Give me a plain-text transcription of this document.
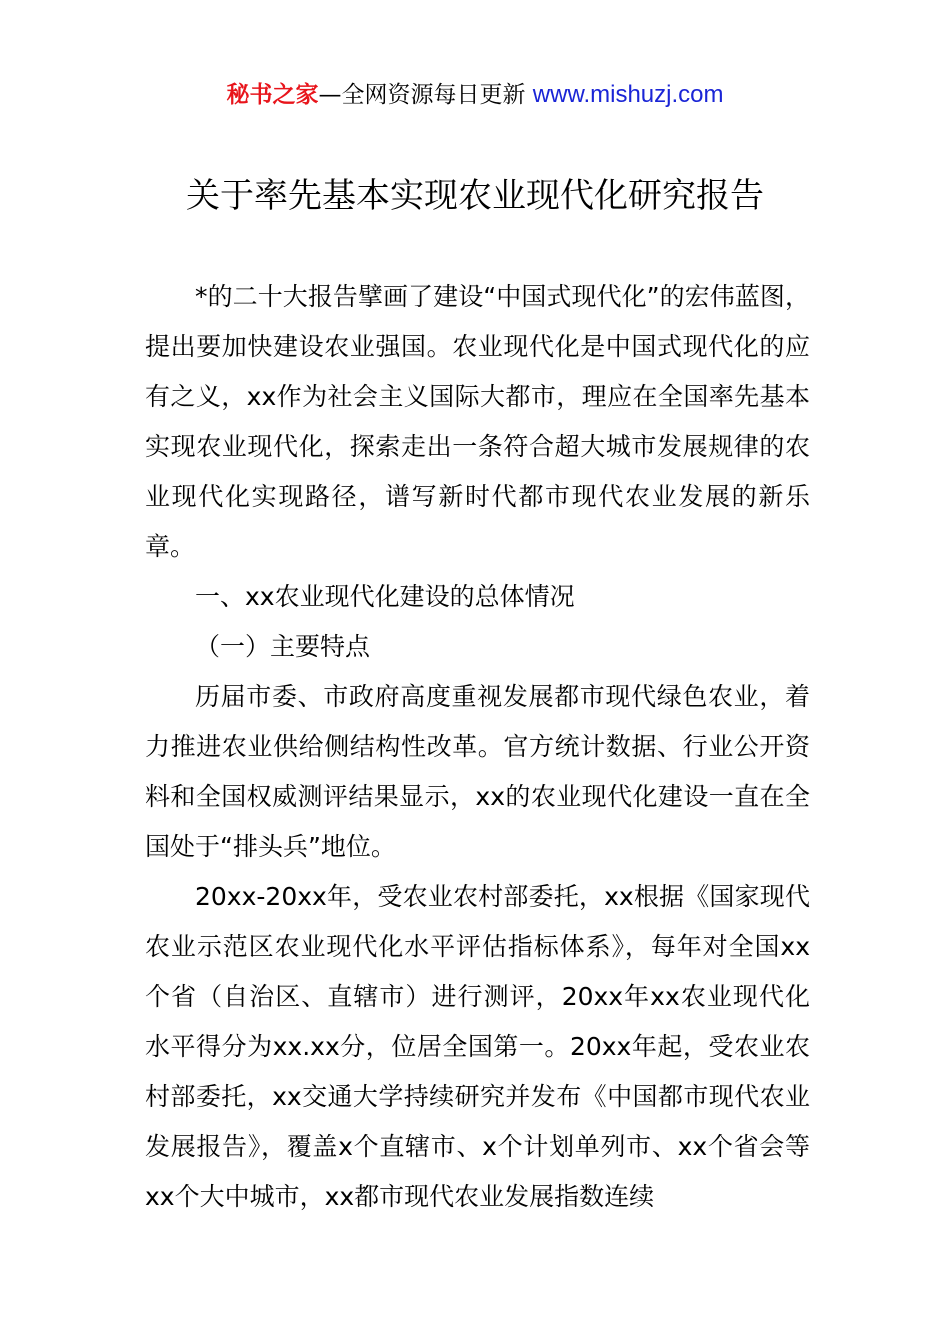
秘书之家—全网资源每日更新 www.mishuzj.com
关于率先基本实现农业现代化研究报告

*的二十大报告擘画了建设“中国式现代化”的宏伟蓝图，提出要加快建设农业强国。农业现代化是中国式现代化的应有之义，xx作为社会主义国际大都市，理应在全国率先基本实现农业现代化，探索走出一条符合超大城市发展规律的农业现代化实现路径，谱写新时代都市现代农业发展的新乐章。

一、xx农业现代化建设的总体情况

（一）主要特点

历届市委、市政府高度重视发展都市现代绿色农业，着力推进农业供给侧结构性改革。官方统计数据、行业公开资料和全国权威测评结果显示，xx的农业现代化建设一直在全国处于“排头兵”地位。

20xx-20xx年，受农业农村部委托，xx根据《国家现代农业示范区农业现代化水平评估指标体系》，每年对全国xx个省（自治区、直辖市）进行测评，20xx年xx农业现代化水平得分为xx.xx分，位居全国第一。20xx年起，受农业农村部委托，xx交通大学持续研究并发布《中国都市现代农业发展报告》，覆盖x个直辖市、x个计划单列市、xx个省会等xx个大中城市，xx都市现代农业发展指数连续
